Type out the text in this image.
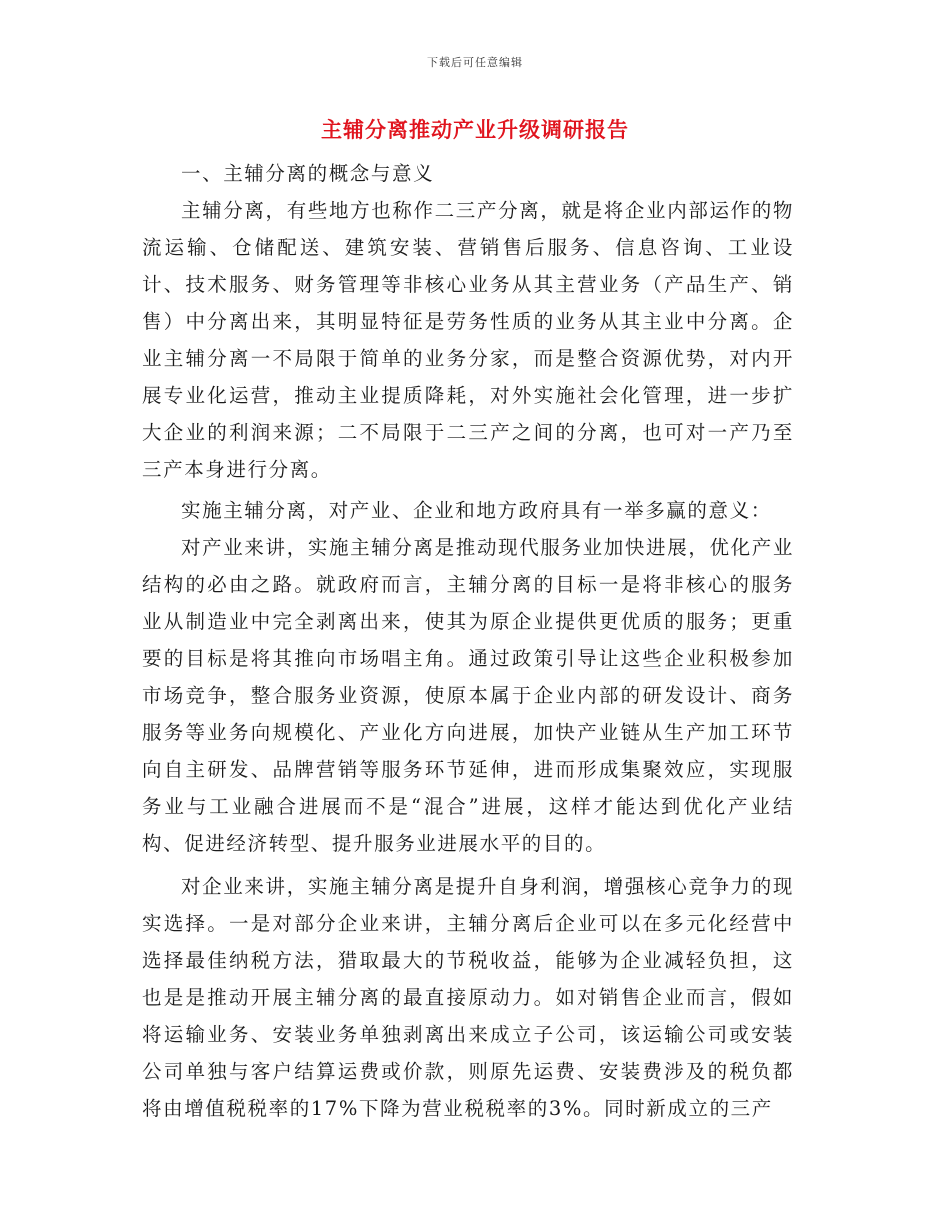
下载后可任意编辑
主辅分离推动产业升级调研报告

一、主辅分离的概念与意义

主辅分离，有些地方也称作二三产分离，就是将企业内部运作的物流运输、仓储配送、建筑安装、营销售后服务、信息咨询、工业设计、技术服务、财务管理等非核心业务从其主营业务（产品生产、销售）中分离出来，其明显特征是劳务性质的业务从其主业中分离。企业主辅分离一不局限于简单的业务分家，而是整合资源优势，对内开展专业化运营，推动主业提质降耗，对外实施社会化管理，进一步扩大企业的利润来源；二不局限于二三产之间的分离，也可对一产乃至三产本身进行分离。

实施主辅分离，对产业、企业和地方政府具有一举多赢的意义：

对产业来讲，实施主辅分离是推动现代服务业加快进展，优化产业结构的必由之路。就政府而言，主辅分离的目标一是将非核心的服务业从制造业中完全剥离出来，使其为原企业提供更优质的服务；更重要的目标是将其推向市场唱主角。通过政策引导让这些企业积极参加市场竞争，整合服务业资源，使原本属于企业内部的研发设计、商务服务等业务向规模化、产业化方向进展，加快产业链从生产加工环节向自主研发、品牌营销等服务环节延伸，进而形成集聚效应，实现服务业与工业融合进展而不是“混合”进展，这样才能达到优化产业结构、促进经济转型、提升服务业进展水平的目的。

对企业来讲，实施主辅分离是提升自身利润，增强核心竞争力的现实选择。一是对部分企业来讲，主辅分离后企业可以在多元化经营中选择最佳纳税方法，猎取最大的节税收益，能够为企业减轻负担，这也是是推动开展主辅分离的最直接原动力。如对销售企业而言，假如将运输业务、安装业务单独剥离出来成立子公司，该运输公司或安装公司单独与客户结算运费或价款，则原先运费、安装费涉及的税负都将由增值税税率的17%下降为营业税税率的3%。同时新成立的三产
